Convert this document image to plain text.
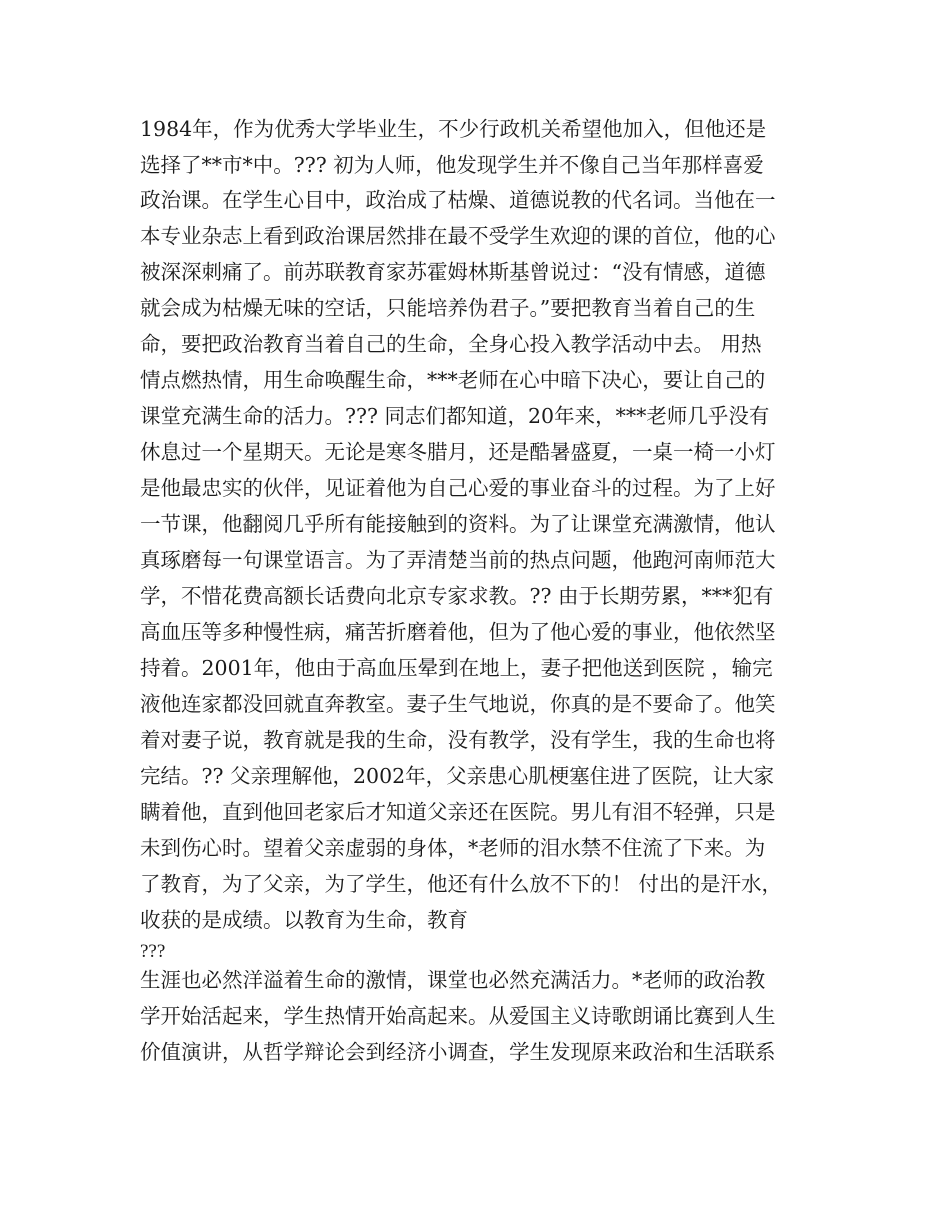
1984年，作为优秀大学毕业生，不少行政机关希望他加入，但他还是

选择了**市*中。??? 初为人师，他发现学生并不像自己当年那样喜爱

政治课。在学生心目中，政治成了枯燥、道德说教的代名词。当他在一

本专业杂志上看到政治课居然排在最不受学生欢迎的课的首位，他的心

被深深刺痛了。前苏联教育家苏霍姆林斯基曾说过：“没有情感，道德

就会成为枯燥无味的空话，只能培养伪君子。”要把教育当着自己的生

命，要把政治教育当着自己的生命，全身心投入教学活动中去。 用热

情点燃热情，用生命唤醒生命，***老师在心中暗下决心，要让自己的

课堂充满生命的活力。??? 同志们都知道，20年来，***老师几乎没有

休息过一个星期天。无论是寒冬腊月，还是酷暑盛夏，一桌一椅一小灯

是他最忠实的伙伴，见证着他为自己心爱的事业奋斗的过程。为了上好

一节课，他翻阅几乎所有能接触到的资料。为了让课堂充满激情，他认

真琢磨每一句课堂语言。为了弄清楚当前的热点问题，他跑河南师范大

学，不惜花费高额长话费向北京专家求教。?? 由于长期劳累，***犯有

高血压等多种慢性病，痛苦折磨着他，但为了他心爱的事业，他依然坚

持着。2001年，他由于高血压晕到在地上，妻子把他送到医院 ，输完

液他连家都没回就直奔教室。妻子生气地说，你真的是不要命了。他笑

着对妻子说，教育就是我的生命，没有教学，没有学生，我的生命也将

完结。?? 父亲理解他，2002年，父亲患心肌梗塞住进了医院，让大家

瞒着他，直到他回老家后才知道父亲还在医院。男儿有泪不轻弹，只是

未到伤心时。望着父亲虚弱的身体，*老师的泪水禁不住流了下来。为

了教育，为了父亲，为了学生，他还有什么放不下的！ 付出的是汗水，

收获的是成绩。以教育为生命，教育

???

生涯也必然洋溢着生命的激情，课堂也必然充满活力。*老师的政治教

学开始活起来，学生热情开始高起来。从爱国主义诗歌朗诵比赛到人生

价值演讲，从哲学辩论会到经济小调查，学生发现原来政治和生活联系
